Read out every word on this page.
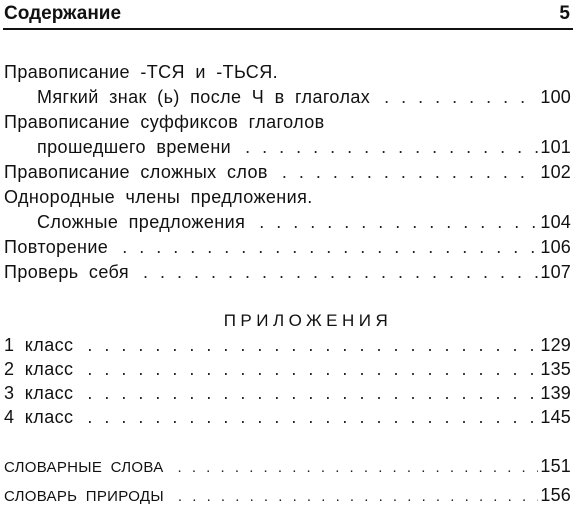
Содержание	5
Правописание -ТСЯ и -ТЬСЯ.
Мягкий знак (ь) после Ч в глаголах . . .	100
Правописание суффиксов глаголов
прошедшего времени . . .	101
Правописание сложных слов . . .	102
Однородные члены предложения.
Сложные предложения . . .	104
Повторение . . .	106
Проверь себя . . .	107
ПРИЛОЖЕНИЯ
1 класс . . .	129
2 класс . . .	135
3 класс . . .	139
4 класс . . .	145
СЛОВАРНЫЕ СЛОВА . . .	151
СЛОВАРЬ ПРИРОДЫ . . .	156
